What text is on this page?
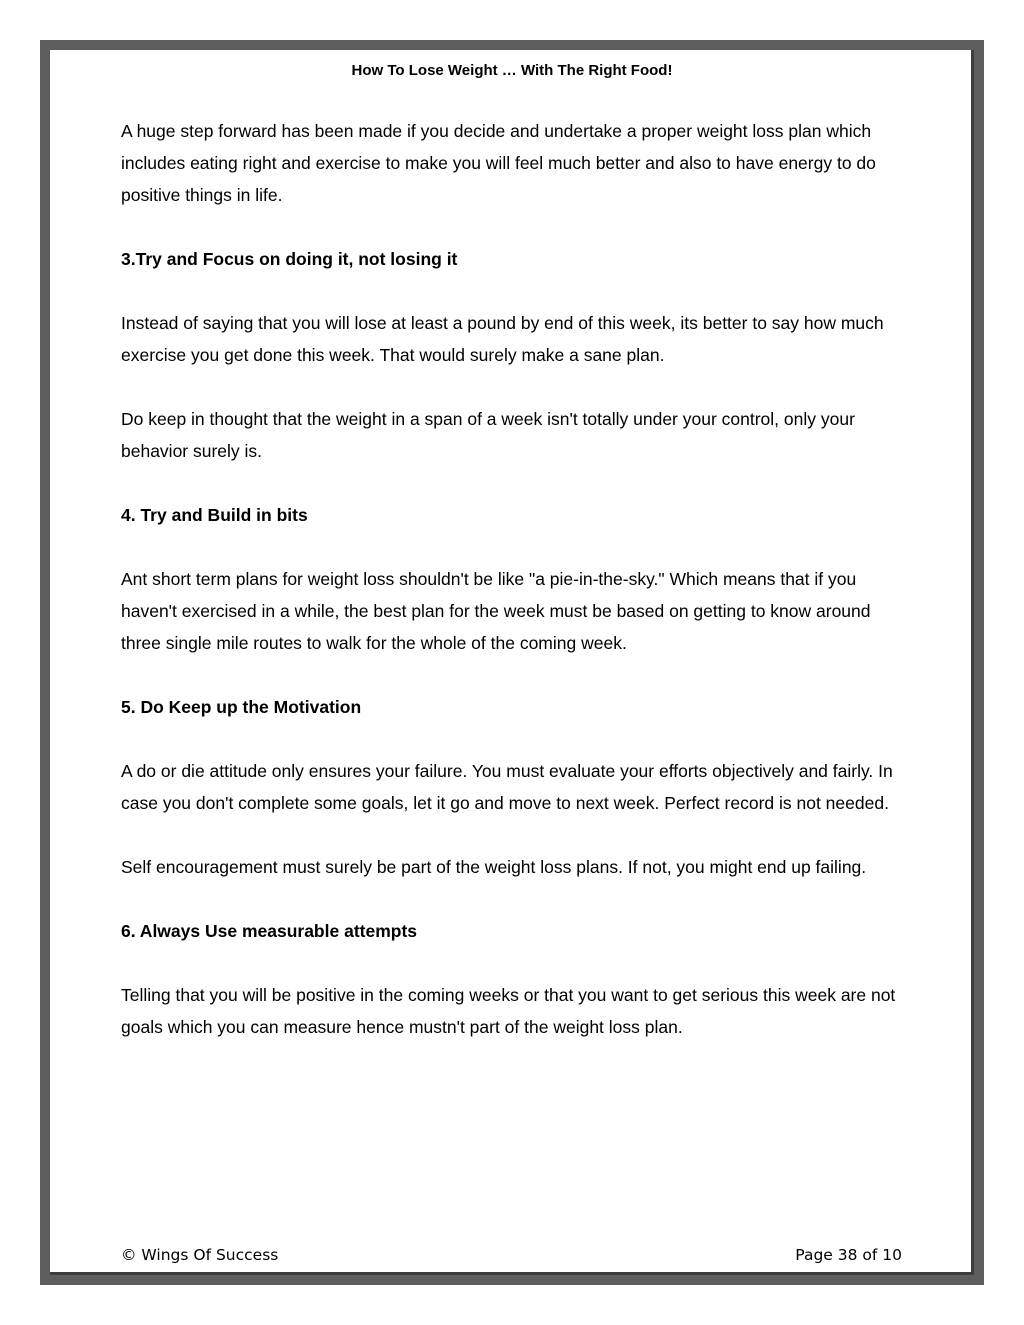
How To Lose Weight … With The Right Food!

A huge step forward has been made if you decide and undertake a proper weight loss plan which includes eating right and exercise to make you will feel much better and also to have energy to do positive things in life.

3.Try and Focus on doing it, not losing it

Instead of saying that you will lose at least a pound by end of this week, its better to say how much exercise you get done this week. That would surely make a sane plan.

Do keep in thought that the weight in a span of a week isn't totally under your control, only your behavior surely is.

4. Try and Build in bits

Ant short term plans for weight loss shouldn't be like "a pie-in-the-sky." Which means that if you haven't exercised in a while, the best plan for the week must be based on getting to know around three single mile routes to walk for the whole of the coming week.

5. Do Keep up the Motivation

A do or die attitude only ensures your failure. You must evaluate your efforts objectively and fairly. In case you don't complete some goals, let it go and move to next week. Perfect record is not needed.

Self encouragement must surely be part of the weight loss plans. If not, you might end up failing.

6. Always Use measurable attempts

Telling that you will be positive in the coming weeks or that you want to get serious this week are not goals which you can measure hence mustn't part of the weight loss plan.

© Wings Of Success	Page 38 of 10
